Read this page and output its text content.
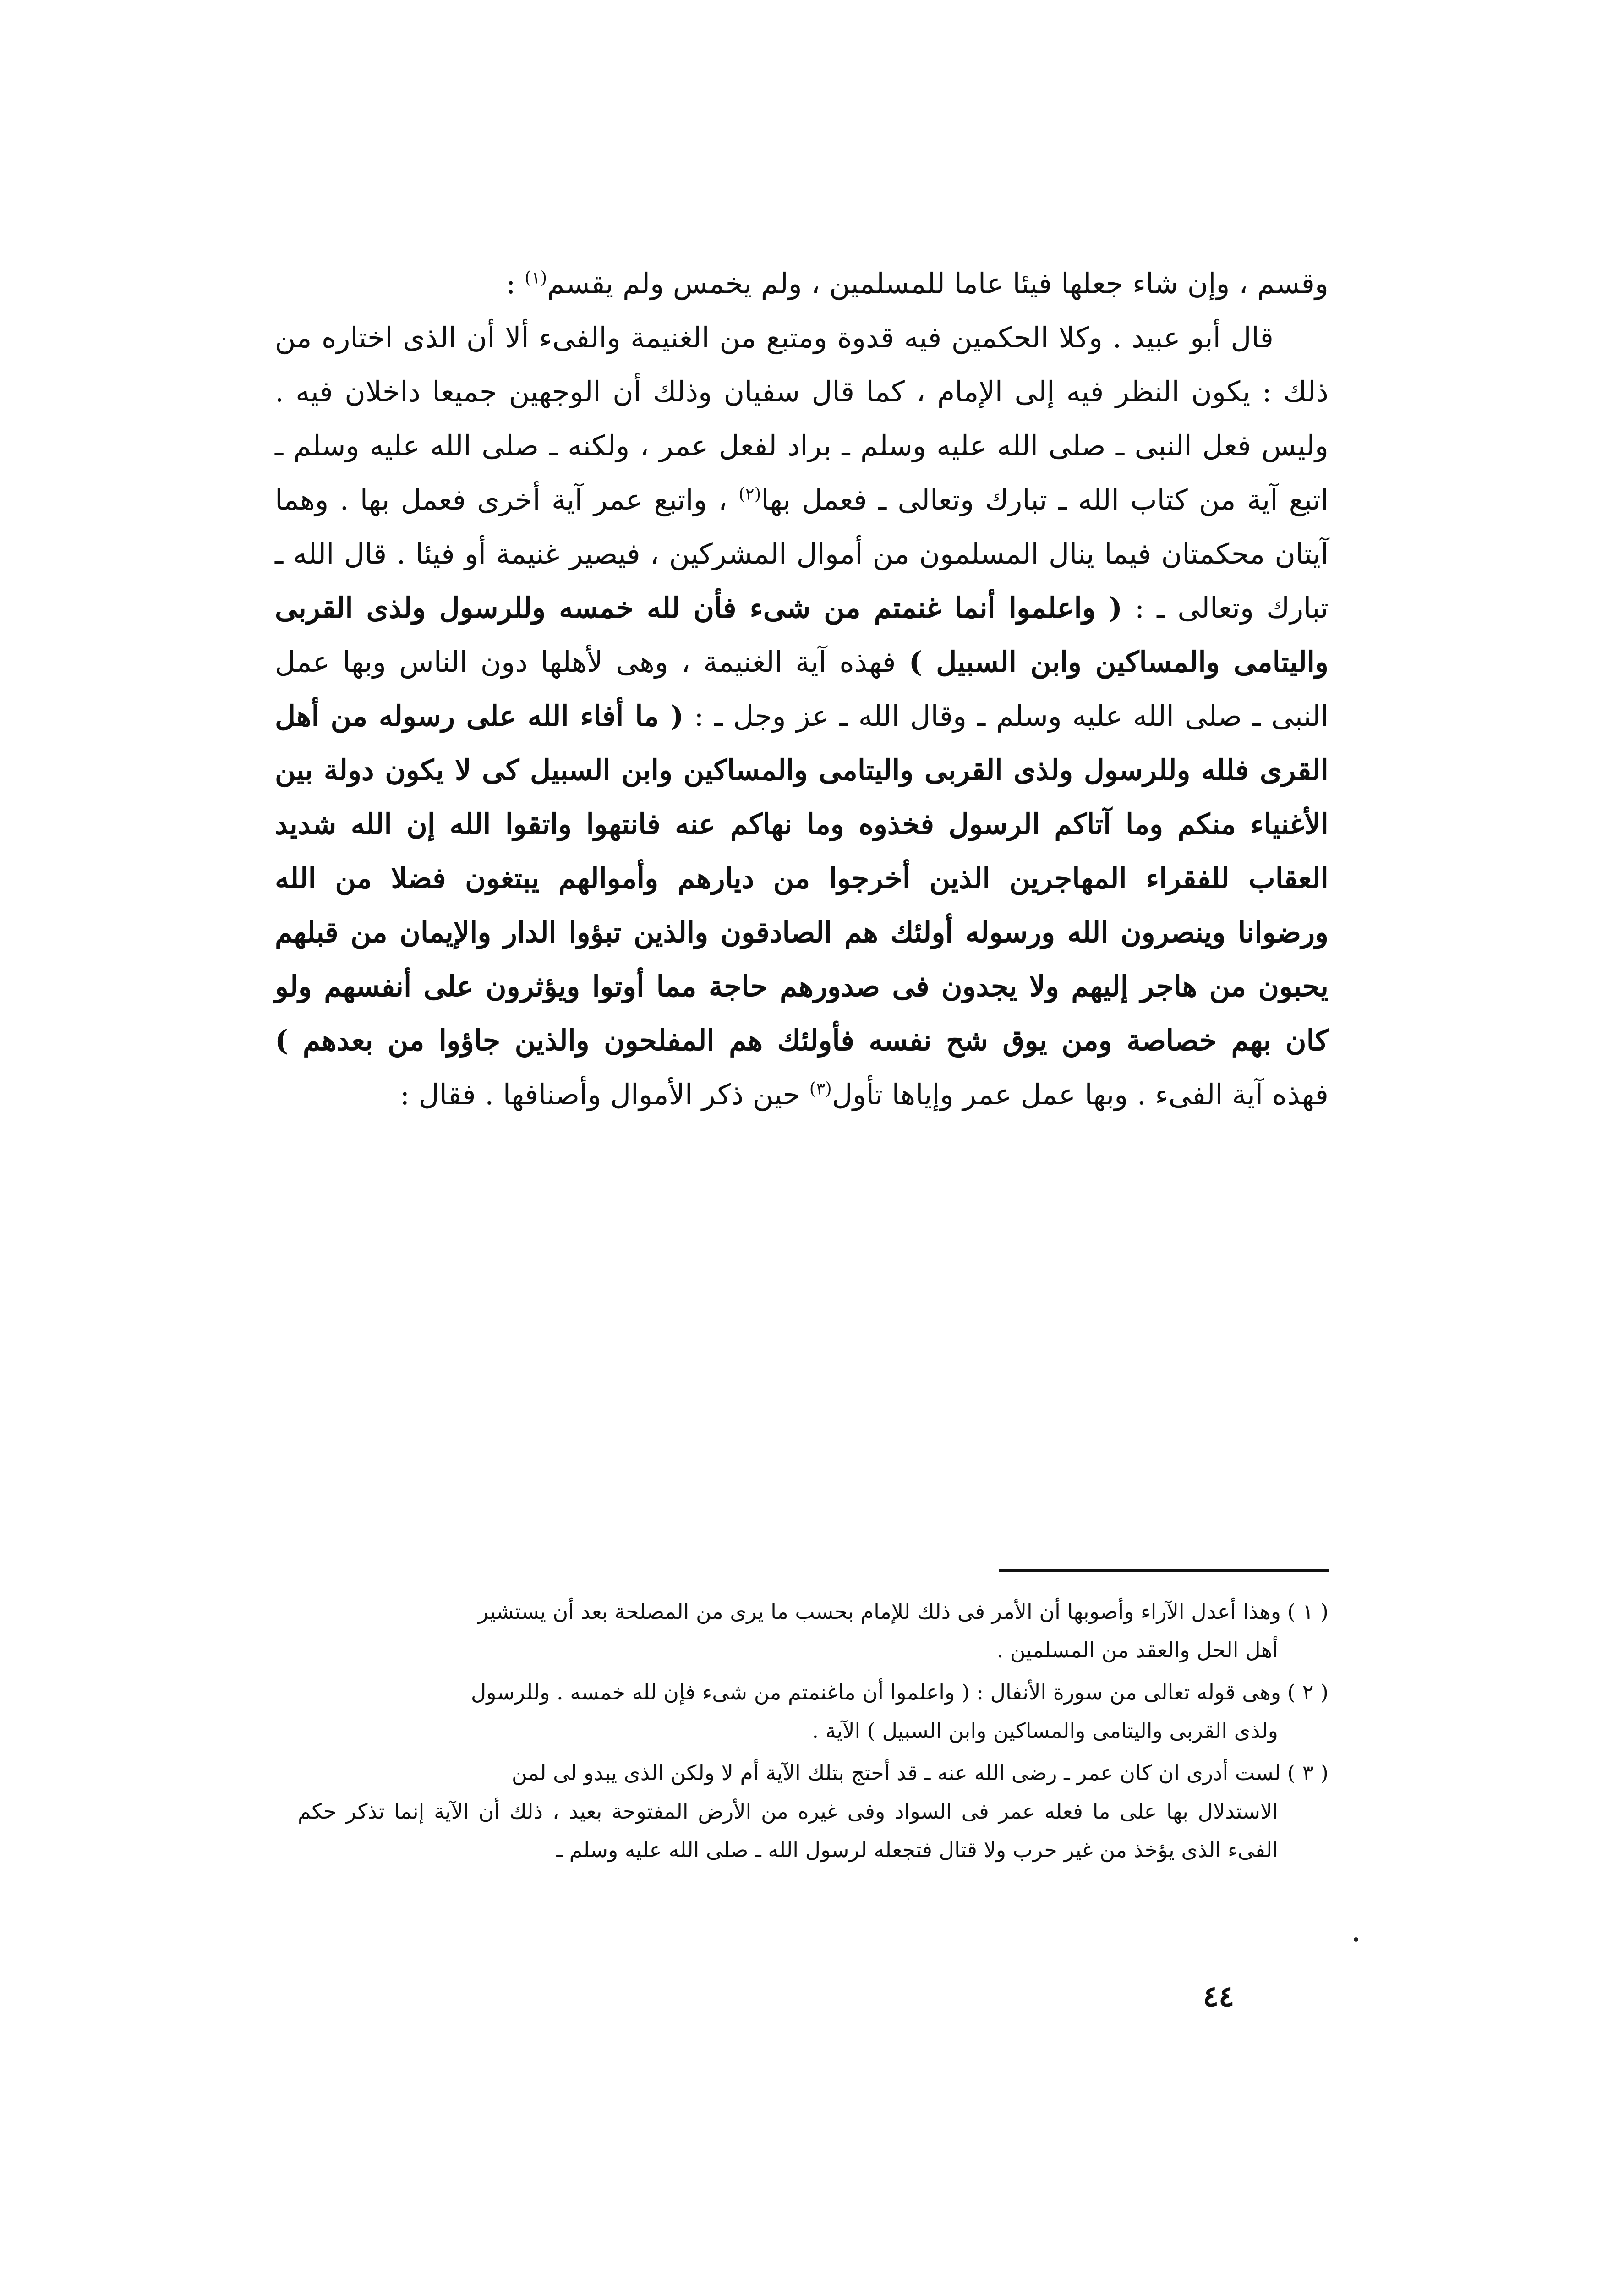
وقسم ، وإن شاء جعلها فيئا عاما للمسلمين ، ولم يخمس ولم يقسم$^{(١)}$ :

قال أبو عبيد . وكلا الحكمين فيه قدوة ومتبع من الغنيمة والفىء ألا أن الذى اختاره من ذلك : يكون النظر فيه إلى الإمام ، كما قال سفيان وذلك أن الوجهين جميعا داخلان فيه . وليس فعل النبى ـ صلى الله عليه وسلم ـ براد لفعل عمر ، ولكنه ـ صلى الله عليه وسلم ـ اتبع آية من كتاب الله ـ تبارك وتعالى ـ فعمل بها$^{(٢)}$ ، واتبع عمر آية أخرى فعمل بها . وهما آيتان محكمتان فيما ينال المسلمون من أموال المشركين ، فيصير غنيمة أو فيئا . قال الله ـ تبارك وتعالى ـ : ( واعلموا أنما غنمتم من شىء فأن لله خمسه وللرسول ولذى القربى واليتامى والمساكين وابن السبيل ) فهذه آية الغنيمة ، وهى لأهلها دون الناس وبها عمل النبى ـ صلى الله عليه وسلم ـ وقال الله ـ عز وجل ـ : ( ما أفاء الله على رسوله من أهل القرى فلله وللرسول ولذى القربى واليتامى والمساكين وابن السبيل كى لا يكون دولة بين الأغنياء منكم وما آتاكم الرسول فخذوه وما نهاكم عنه فانتهوا واتقوا الله إن الله شديد العقاب للفقراء المهاجرين الذين أخرجوا من ديارهم وأموالهم يبتغون فضلا من الله ورضوانا وينصرون الله ورسوله أولئك هم الصادقون والذين تبؤوا الدار والإيمان من قبلهم يحبون من هاجر إليهم ولا يجدون فى صدورهم حاجة مما أوتوا ويؤثرون على أنفسهم ولو كان بهم خصاصة ومن يوق شح نفسه فأولئك هم المفلحون والذين جاؤوا من بعدهم ) فهذه آية الفىء . وبها عمل عمر وإياها تأول$^{(٣)}$ حين ذكر الأموال وأصنافها . فقال :

( ١ )وهذا أعدل الآراء وأصوبها أن الأمر فى ذلك للإمام بحسب ما يرى من المصلحة بعد أن يستشير
أهل الحل والعقد من المسلمين .
( ٢ )وهى قوله تعالى من سورة الأنفال : ( واعلموا أن ماغنمتم من شىء فإن لله خمسه . وللرسول
ولذى القربى واليتامى والمساكين وابن السبيل ) الآية .
( ٣ )لست أدرى ان كان عمر ـ رضى الله عنه ـ قد أحتج بتلك الآية أم لا ولكن الذى يبدو لى لمن
الاستدلال بها على ما فعله عمر فى السواد وفى غيره من الأرض المفتوحة بعيد ، ذلك أن الآية إنما تذكر حكم الفىء الذى يؤخذ من غير حرب ولا قتال فتجعله لرسول الله ـ صلى الله عليه وسلم ـ
٤٤
